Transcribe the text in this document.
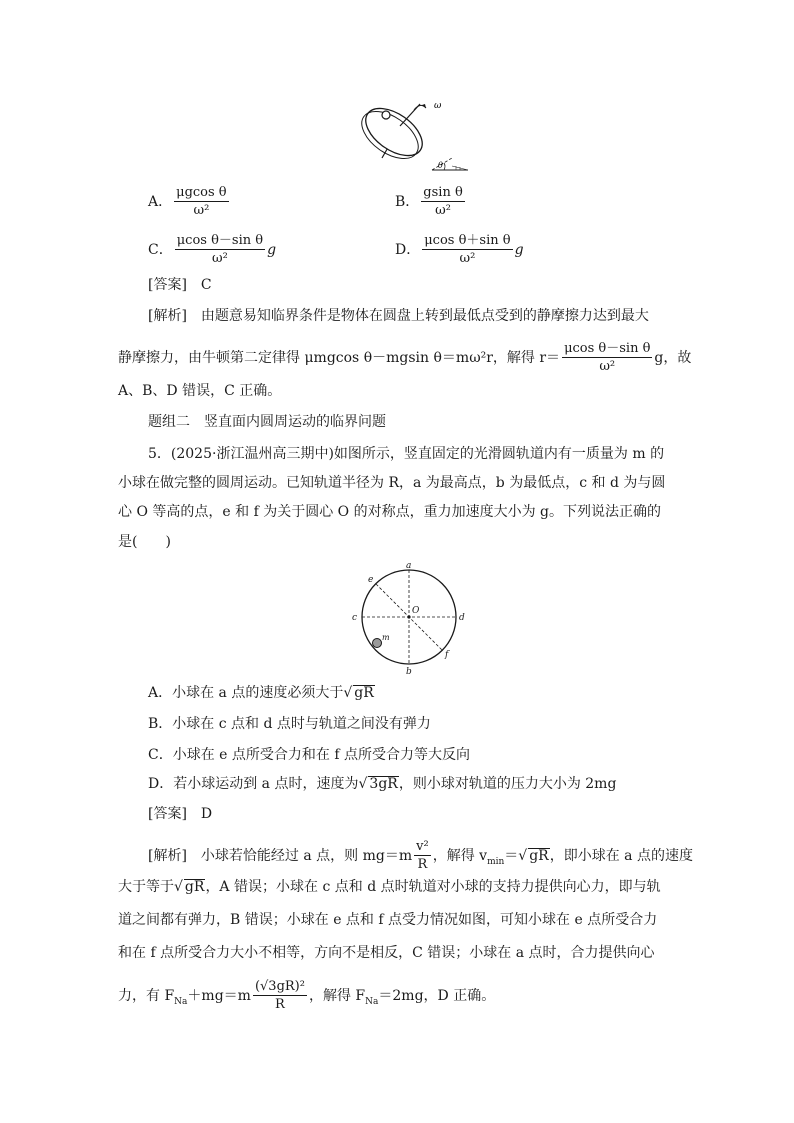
ω
θ
A． $\frac{\text{μgcos θ}}{\text{ω²}}$	B． $\frac{\text{gsin θ}}{\text{ω²}}$
C． $\frac{\text{μcos θ－sin θ}}{\text{ω²}}$ g	D． $\frac{\text{μcos θ＋sin θ}}{\text{ω²}}$ g
[答案]　C
[解析]　由题意易知临界条件是物体在圆盘上转到最低点受到的静摩擦力达到最大
静摩擦力，由牛顿第二定律得 μmgcos θ－mgsin θ＝mω²r，解得 $r= \frac{\text{μcos θ－sin θ}}{\text{ω²}}$ g，故
A、B、D 错误，C 正确。
题组二　竖直面内圆周运动的临界问题
5．(2025·浙江温州高三期中)如图所示，竖直固定的光滑圆轨道内有一质量为 m 的
小球在做完整的圆周运动。已知轨道半径为 R，a 为最高点，b 为最低点，c 和 d 为与圆
心 O 等高的点，e 和 f 为关于圆心 O 的对称点，重力加速度大小为 g。下列说法正确的
是(　　)
a
b
c	d
e
f
O
m
A．小球在 a 点的速度必须大于√ gR
B．小球在 c 点和 d 点时与轨道之间没有弹力
C．小球在 e 点所受合力和在 f 点所受合力等大反向
D．若小球运动到 a 点时，速度为√ 3gR，则小球对轨道的压力大小为 2mg
[答案]　D
[解析]　小球若恰能经过 a 点，则 $mg=m \frac{\text{v²}}{R}$ ，解得 $v_{min}=√$ gR，即小球在 a 点的速度
大于等于√ gR，A 错误；小球在 c 点和 d 点时轨道对小球的支持力提供向心力，即与轨
道之间都有弹力，B 错误；小球在 e 点和 f 点受力情况如图，可知小球在 e 点所受合力
和在 f 点所受合力大小不相等，方向不是相反，C 错误；小球在 a 点时，合力提供向心
力，有 $F_{Na}+mg=m \frac{\text{(√3gR)²}}{R}$ ，解得 $F_{Na}=2mg$，D 正确。
